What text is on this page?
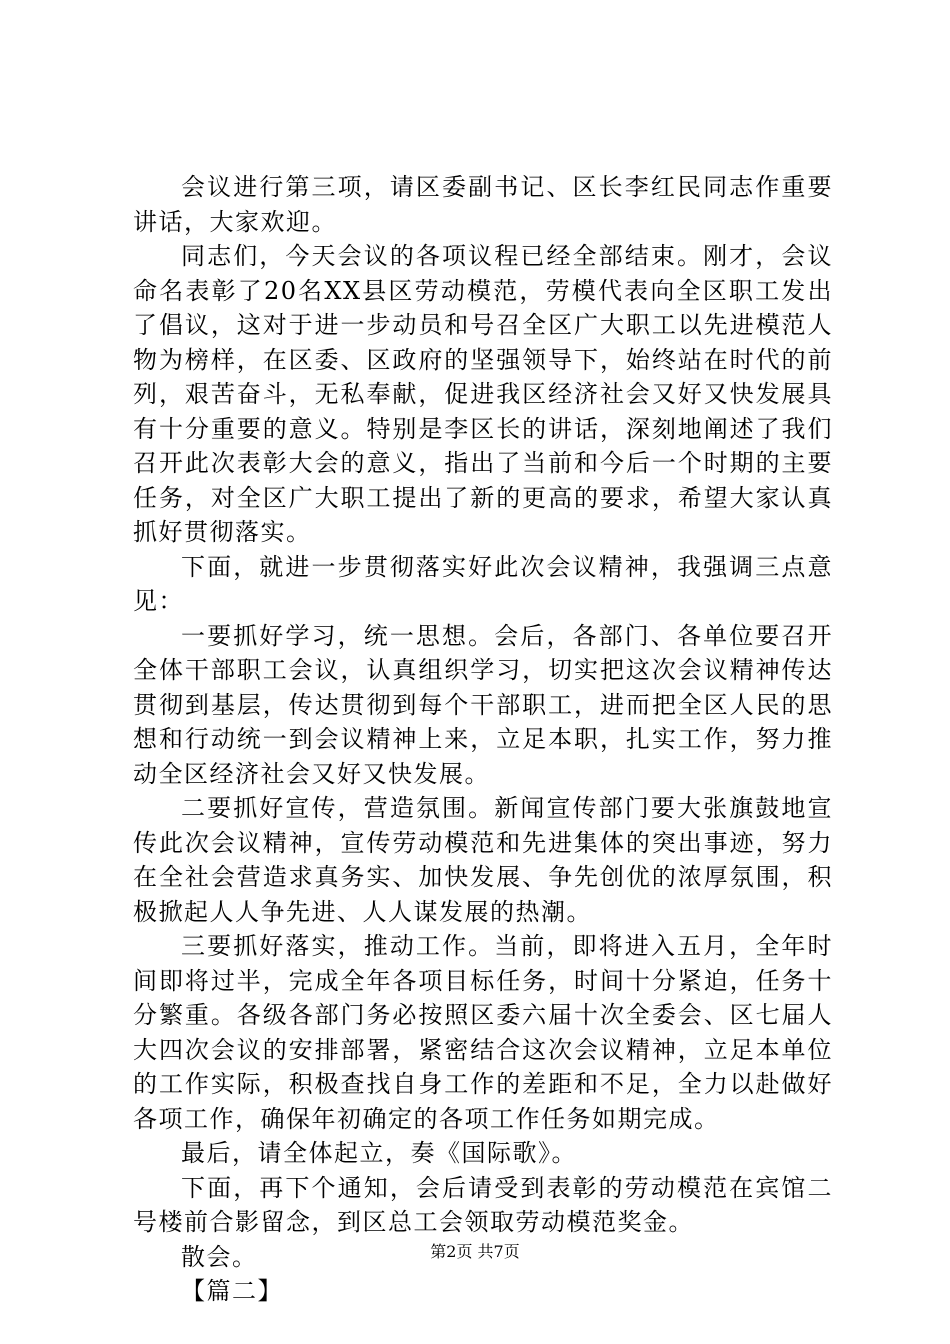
会议进行第三项，请区委副书记、区长李红民同志作重要讲话，大家欢迎。

同志们，今天会议的各项议程已经全部结束。刚才，会议命名表彰了20名XX县区劳动模范，劳模代表向全区职工发出了倡议，这对于进一步动员和号召全区广大职工以先进模范人物为榜样，在区委、区政府的坚强领导下，始终站在时代的前列，艰苦奋斗，无私奉献，促进我区经济社会又好又快发展具有十分重要的意义。特别是李区长的讲话，深刻地阐述了我们召开此次表彰大会的意义，指出了当前和今后一个时期的主要任务，对全区广大职工提出了新的更高的要求，希望大家认真抓好贯彻落实。

下面，就进一步贯彻落实好此次会议精神，我强调三点意见：

一要抓好学习，统一思想。会后，各部门、各单位要召开全体干部职工会议，认真组织学习，切实把这次会议精神传达贯彻到基层，传达贯彻到每个干部职工，进而把全区人民的思想和行动统一到会议精神上来，立足本职，扎实工作，努力推动全区经济社会又好又快发展。

二要抓好宣传，营造氛围。新闻宣传部门要大张旗鼓地宣传此次会议精神，宣传劳动模范和先进集体的突出事迹，努力在全社会营造求真务实、加快发展、争先创优的浓厚氛围，积极掀起人人争先进、人人谋发展的热潮。

三要抓好落实，推动工作。当前，即将进入五月，全年时间即将过半，完成全年各项目标任务，时间十分紧迫，任务十分繁重。各级各部门务必按照区委六届十次全委会、区七届人大四次会议的安排部署，紧密结合这次会议精神，立足本单位的工作实际，积极查找自身工作的差距和不足，全力以赴做好各项工作，确保年初确定的各项工作任务如期完成。

最后，请全体起立，奏《国际歌》。

下面，再下个通知，会后请受到表彰的劳动模范在宾馆二号楼前合影留念，到区总工会领取劳动模范奖金。

散会。

【篇二】

第2页 共7页
